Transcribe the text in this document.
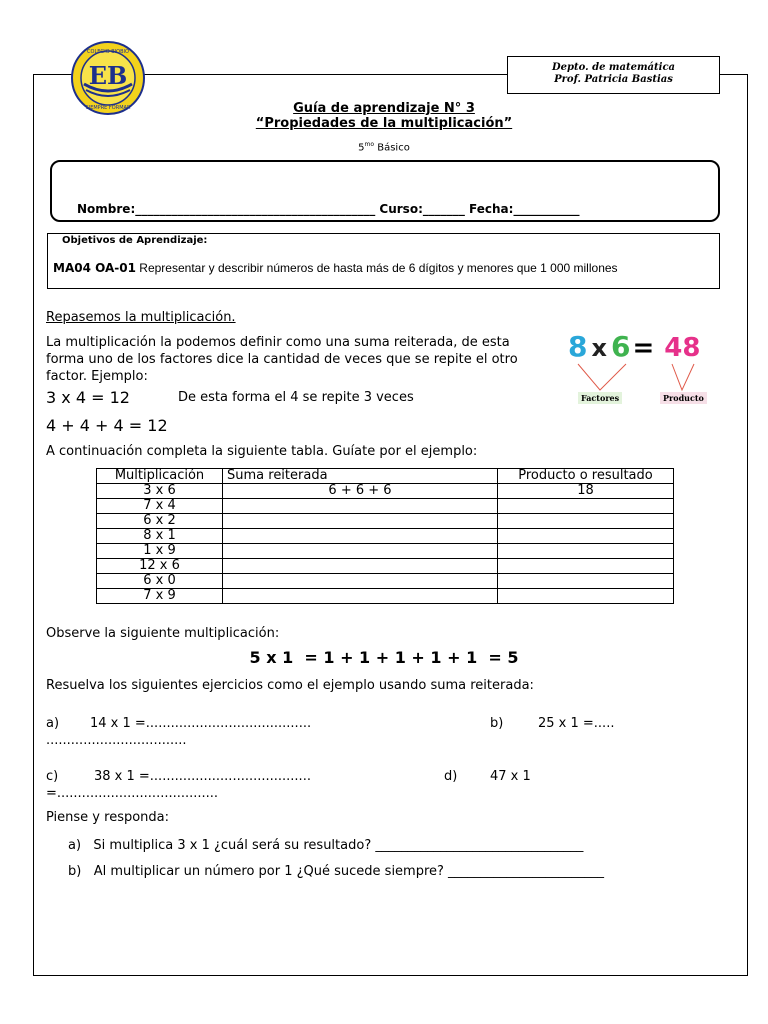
EB
COLEGIO BIOBIO
SIEMPRE FORMAR
Depto. de matemática
Prof. Patricia Bastias
Guía de aprendizaje N° 3
“Propiedades de la multiplicación”
$5^{mo}$ Básico
Nombre:________________________________________ Curso:_______ Fecha:___________
Objetivos de Aprendizaje:
MA04 OA-01 Representar y describir números de hasta más de 6 dígitos y menores que 1 000 millones
Repasemos la multiplicación.
La multiplicación la podemos definir como una suma reiterada, de esta
forma uno de los factores dice la cantidad de veces que se repite el otro
factor. Ejemplo:
3 x 4 = 12	De esta forma el 4 se repite 3 veces
4 + 4 + 4 = 12
8 x 6= 48
Factores	Producto
A continuación completa la siguiente tabla. Guíate por el ejemplo:
Multiplicación	Suma reiterada	Producto o resultado
3 x 6	6 + 6 + 6	18
7 x 4		
6 x 2		
8 x 1		
1 x 9		
12 x 6		
6 x 0		
7 x 9		
Observe la siguiente multiplicación:
5 x 1  = 1 + 1 + 1 + 1 + 1  = 5
Resuelva los siguientes ejercicios como el ejemplo usando suma reiterada:
a) 14 x 1 =........................................	b)	25 x 1 =.....
..................................
c)	38 x 1 =.......................................	d)	47 x 1
=.......................................
Piense y responda:
a)   Si multiplica 3 x 1 ¿cuál será su resultado? ________________________________
b)   Al multiplicar un número por 1 ¿Qué sucede siempre? ________________________
